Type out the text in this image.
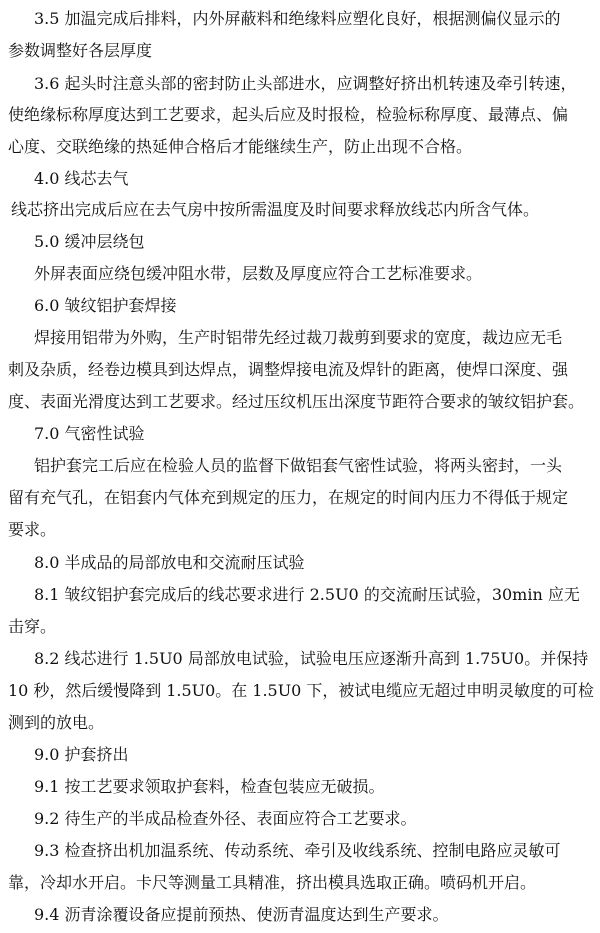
3.5 加温完成后排料，内外屏蔽料和绝缘料应塑化良好，根据测偏仪显示的
参数调整好各层厚度
3.6 起头时注意头部的密封防止头部进水，应调整好挤出机转速及牵引转速，
使绝缘标称厚度达到工艺要求，起头后应及时报检，检验标称厚度、最薄点、偏
心度、交联绝缘的热延伸合格后才能继续生产，防止出现不合格。
4.0 线芯去气
线芯挤出完成后应在去气房中按所需温度及时间要求释放线芯内所含气体。
5.0 缓冲层绕包
外屏表面应绕包缓冲阻水带，层数及厚度应符合工艺标准要求。
6.0 皱纹铝护套焊接
焊接用铝带为外购，生产时铝带先经过裁刀裁剪到要求的宽度，裁边应无毛
刺及杂质，经卷边模具到达焊点，调整焊接电流及焊针的距离，使焊口深度、强
度、表面光滑度达到工艺要求。经过压纹机压出深度节距符合要求的皱纹铝护套。
7.0 气密性试验
铝护套完工后应在检验人员的监督下做铝套气密性试验，将两头密封，一头
留有充气孔，在铝套内气体充到规定的压力，在规定的时间内压力不得低于规定
要求。
8.0 半成品的局部放电和交流耐压试验
8.1 皱纹铝护套完成后的线芯要求进行 2.5U0 的交流耐压试验，30min 应无
击穿。
8.2 线芯进行 1.5U0 局部放电试验，试验电压应逐渐升高到 1.75U0。并保持
10 秒，然后缓慢降到 1.5U0。在 1.5U0 下，被试电缆应无超过申明灵敏度的可检
测到的放电。
9.0 护套挤出
9.1 按工艺要求领取护套料，检查包装应无破损。
9.2 待生产的半成品检查外径、表面应符合工艺要求。
9.3 检查挤出机加温系统、传动系统、牵引及收线系统、控制电路应灵敏可
靠，冷却水开启。卡尺等测量工具精准，挤出模具选取正确。喷码机开启。
9.4 沥青涂覆设备应提前预热、使沥青温度达到生产要求。
